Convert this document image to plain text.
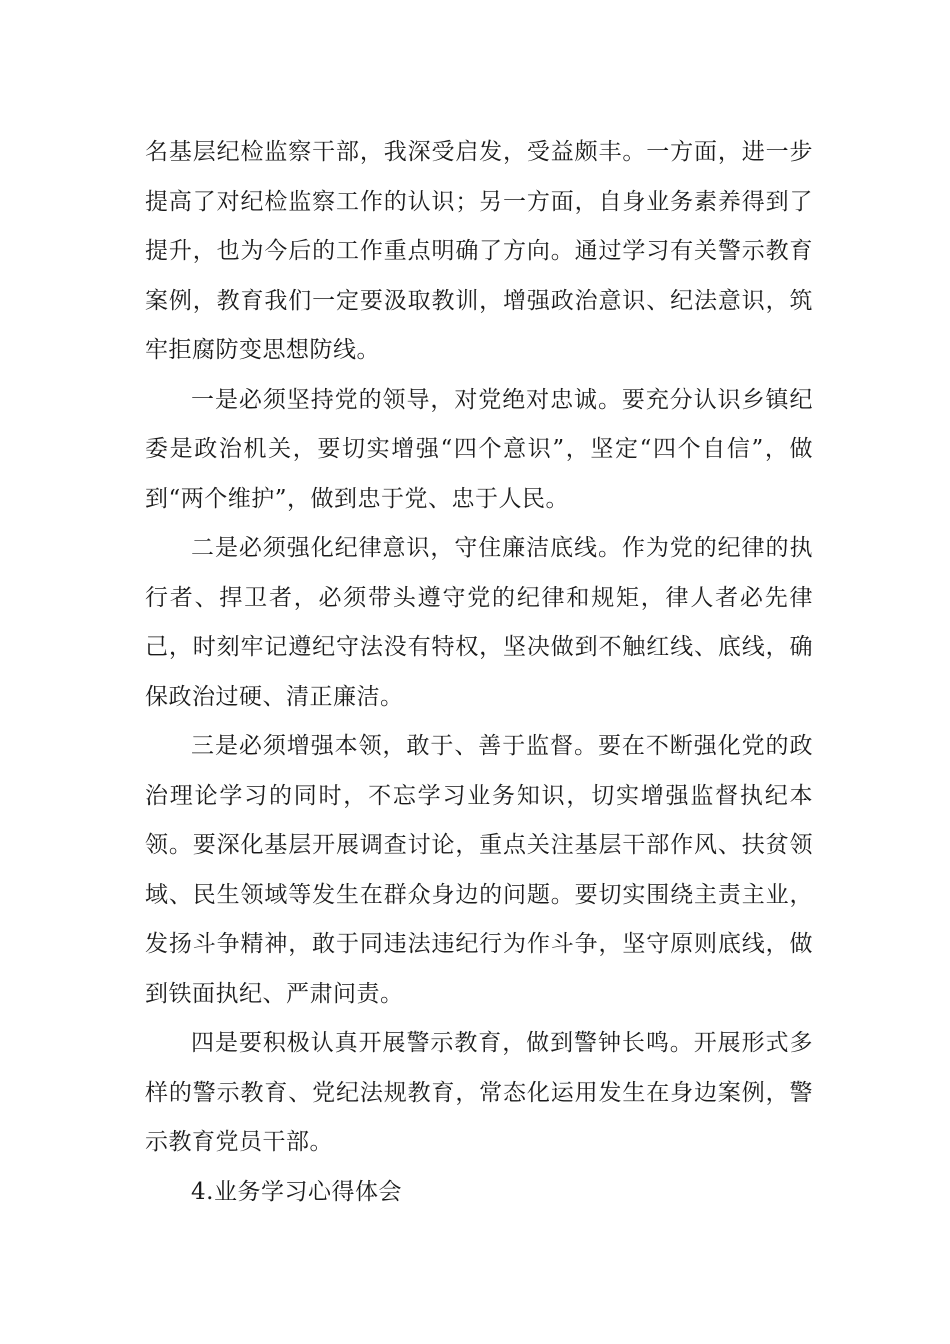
名基层纪检监察干部，我深受启发，受益颇丰。一方面，进一步提高了对纪检监察工作的认识；另一方面，自身业务素养得到了提升，也为今后的工作重点明确了方向。通过学习有关警示教育案例，教育我们一定要汲取教训，增强政治意识、纪法意识，筑牢拒腐防变思想防线。

一是必须坚持党的领导，对党绝对忠诚。要充分认识乡镇纪委是政治机关，要切实增强“四个意识”，坚定“四个自信”，做到“两个维护”，做到忠于党、忠于人民。

二是必须强化纪律意识，守住廉洁底线。作为党的纪律的执行者、捍卫者，必须带头遵守党的纪律和规矩，律人者必先律己，时刻牢记遵纪守法没有特权，坚决做到不触红线、底线，确保政治过硬、清正廉洁。

三是必须增强本领，敢于、善于监督。要在不断强化党的政治理论学习的同时，不忘学习业务知识，切实增强监督执纪本领。要深化基层开展调查讨论，重点关注基层干部作风、扶贫领域、民生领域等发生在群众身边的问题。要切实围绕主责主业，发扬斗争精神，敢于同违法违纪行为作斗争，坚守原则底线，做到铁面执纪、严肃问责。

四是要积极认真开展警示教育，做到警钟长鸣。开展形式多样的警示教育、党纪法规教育，常态化运用发生在身边案例，警示教育党员干部。

4.业务学习心得体会
